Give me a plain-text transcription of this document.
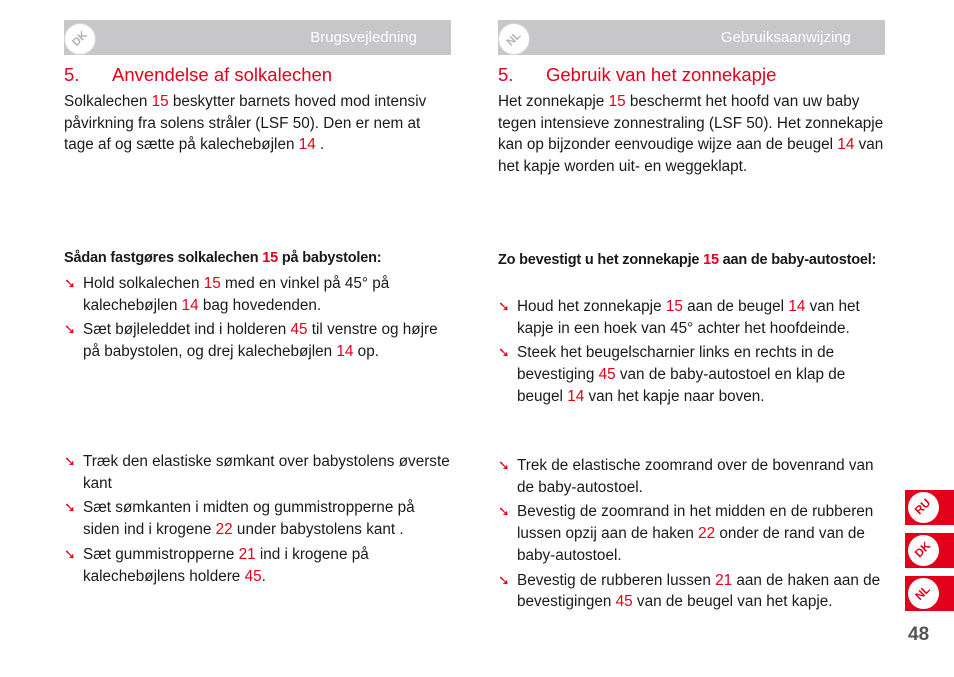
DK	Brugsvejledning
5. Anvendelse af solkalechen

Solkalechen 15 beskytter barnets hoved mod intensiv påvirkning fra solens stråler (LSF 50). Den er nem at tage af og sætte på kalechebøjlen 14 .

Sådan fastgøres solkalechen 15 på babystolen:

➘ Hold solkalechen 15 med en vinkel på 45° på kalechebøjlen 14 bag hovedenden.
➘ Sæt bøjleleddet ind i holderen 45 til venstre og højre på babystolen, og drej kalechebøjlen 14 op.
➘ Træk den elastiske sømkant over babystolens øverste kant
➘ Sæt sømkanten i midten og gummistropperne på siden ind i krogene 22 under babystolens kant .
➘ Sæt gummistropperne 21 ind i krogene på kalechebøjlens holdere 45.
NL	Gebruiksaanwijzing
5. Gebruik van het zonnekapje

Het zonnekapje 15 beschermt het hoofd van uw baby tegen intensieve zonnestraling (LSF 50). Het zonnekapje kan op bijzonder eenvoudige wijze aan de beugel 14 van het kapje worden uit- en weggeklapt.

Zo bevestigt u het zonnekapje 15 aan de baby-autostoel:

➘ Houd het zonnekapje 15 aan de beugel 14 van het kapje in een hoek van 45° achter het hoofdeinde.
➘ Steek het beugelscharnier links en rechts in de bevestiging 45 van de baby-autostoel en klap de beugel 14 van het kapje naar boven.
➘ Trek de elastische zoomrand over de bovenrand van de baby-autostoel.
➘ Bevestig de zoomrand in het midden en de rubberen lussen opzij aan de haken 22 onder de rand van de baby-autostoel.
➘ Bevestig de rubberen lussen 21 aan de haken aan de bevestigingen 45 van de beugel van het kapje.
RU
DK
NL
48
